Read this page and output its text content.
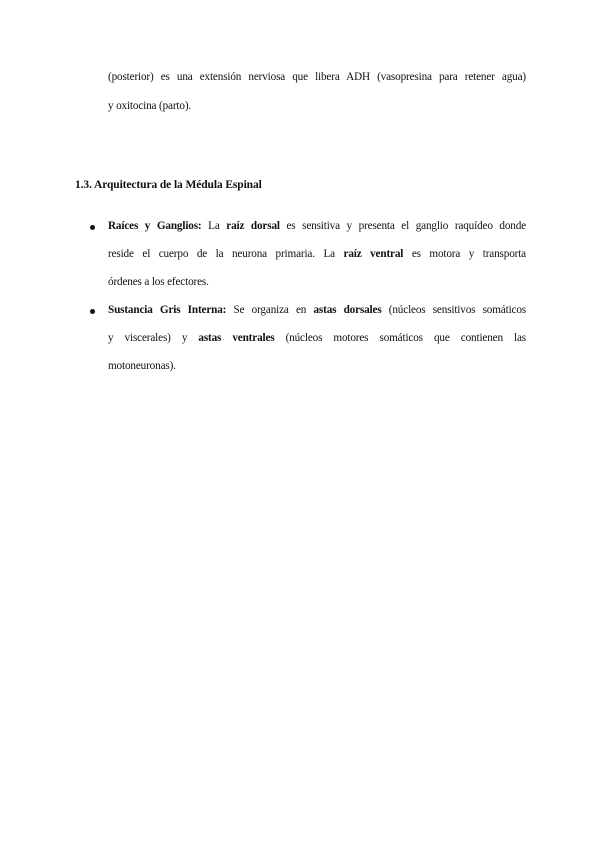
(posterior) es una extensión nerviosa que libera ADH (vasopresina para retener agua)
y oxitocina (parto).
1.3. Arquitectura de la Médula Espinal
Raíces y Ganglios: La raíz dorsal es sensitiva y presenta el ganglio raquídeo donde
reside el cuerpo de la neurona primaria. La raíz ventral es motora y transporta
órdenes a los efectores.
Sustancia Gris Interna: Se organiza en astas dorsales (núcleos sensitivos somáticos
y viscerales) y astas ventrales (núcleos motores somáticos que contienen las
motoneuronas).
